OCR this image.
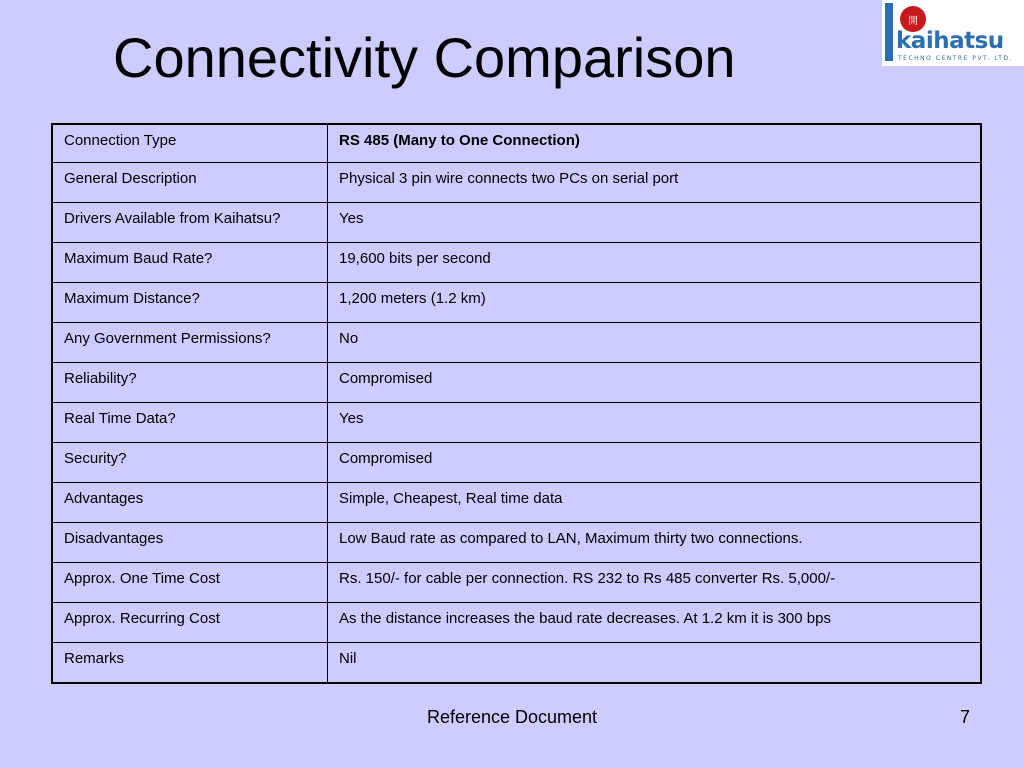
Connectivity Comparison
開
kaihatsu
TECHNO CENTRE PVT. LTD.
Connection Type	RS 485 (Many to One Connection)
General Description	Physical 3 pin wire connects two PCs on serial port
Drivers Available from Kaihatsu?	Yes
Maximum Baud Rate?	19,600 bits per second
Maximum Distance?	1,200 meters (1.2 km)
Any Government Permissions?	No
Reliability?	Compromised
Real Time Data?	Yes
Security?	Compromised
Advantages	Simple, Cheapest, Real time data
Disadvantages	Low Baud rate as compared to LAN, Maximum thirty two connections.
Approx. One Time Cost	Rs. 150/- for cable per connection. RS 232 to Rs 485 converter Rs. 5,000/-
Approx. Recurring Cost	As the distance increases the baud rate decreases. At 1.2 km it is 300 bps
Remarks	Nil
Reference Document	7
